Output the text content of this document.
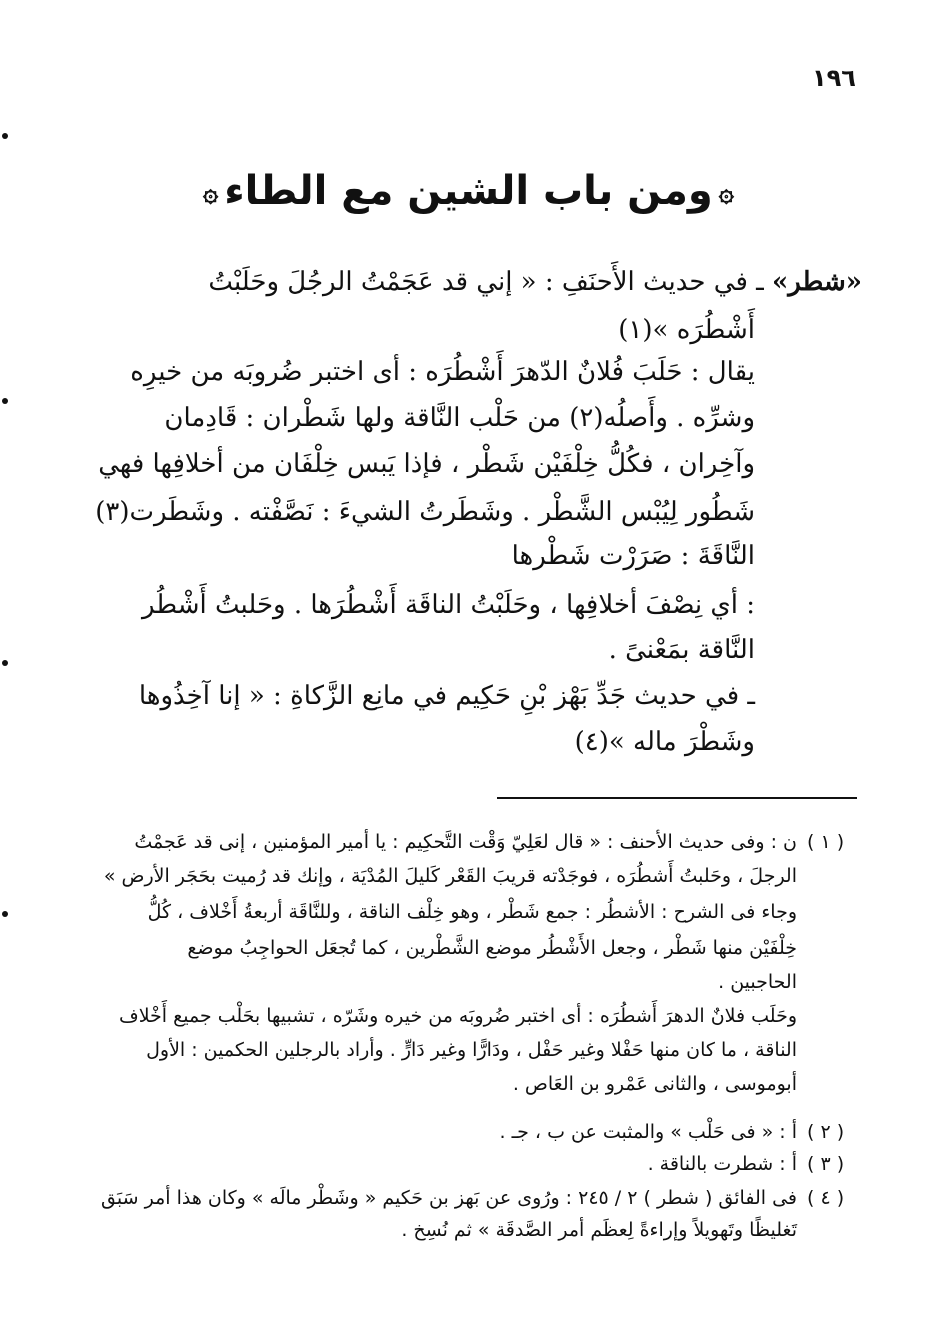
١٩٦
۞ومن باب الشين مع الطاء۞
«شطر» ـ في حديث الأَحنَفِ : « إني قد عَجَمْتُ الرجُلَ وحَلَبْتُ
أَشْطُرَه »(١)
يقال : حَلَبَ فُلانٌ الدّهرَ أَشْطُرَه : أى اختبر ضُروبَه من خيرِه
وشرِّه . وأَصلُه(٢) من حَلْب النَّاقة ولها شَطْران : قَادِمان
وآخِران ، فكُلُّ خِلْفَيْن شَطْر ، فإذا يَبس خِلْفَان من أخلافِها فهي
شَطُور لِيُبْس الشَّطْر . وشَطَرتُ الشيءَ : نَصَّفْته . وشَطَرت(٣)
النَّاقَةَ : صَرَرْت شَطْرها
: أي نِصْفَ أخلافِها ، وحَلَبْتُ الناقَة أَشْطُرَها . وحَلبتُ أَشْطُر
النَّاقة بمَعْنىً .
ـ في حديث جَدِّ بَهْز بْنِ حَكِيم في مانِع الزَّكاةِ : « إنا آخِذُوها
وشَطْرَ ماله »(٤)
( ١ )
ن : وفى حديث الأحنف : « قال لعَلِيّ وَقْت التَّحكِيم : يا أمير المؤمنين ، إنى قد عَجمْتُ
الرجلَ ، وحَلبتُ أَشطُرَه ، فوجَدْته قريبَ القَعْر كَليلَ المُدْيَة ، وإنك قد رُميت بحَجَر الأرض »
وجاء فى الشرح : الأشطُر : جمع شَطْر ، وهو خِلْف الناقة ، وللنَّاقَة أربعةُ أَخْلاف ، كُلُّ
خِلْفَيْن منها شَطْر ، وجعل الأَشْطُر موضع الشَّطْرين ، كما تُجعَل الحواجِبُ موضع
الحاجبين .
وحَلَب فلانٌ الدهرَ أَشطُرَه : أى اختبر ضُروبَه من خيره وشَرّه ، تشبيها بحَلْب جميع أَخْلاف
الناقة ، ما كان منها حَفْلا وغير حَفْل ، ودَارًّا وغير دَارٍّ . وأراد بالرجلين الحكمين : الأول
أبوموسى ، والثانى عَمْرو بن العَاص .
( ٢ )
أ : « فى حَلْب » والمثبت عن ب ، جـ .
( ٣ )
أ : شطرت بالناقة .
( ٤ )
فى الفائق ( شطر ) ٢ / ٢٤٥ : ورُوى عن بَهز بن حَكيم « وشَطْر مالَه » وكان هذا أمر سَبَق
تَغليظًا وتَهويلاً وإراءةً لِعظَم أمر الصَّدقَة » ثم نُسِخ .
